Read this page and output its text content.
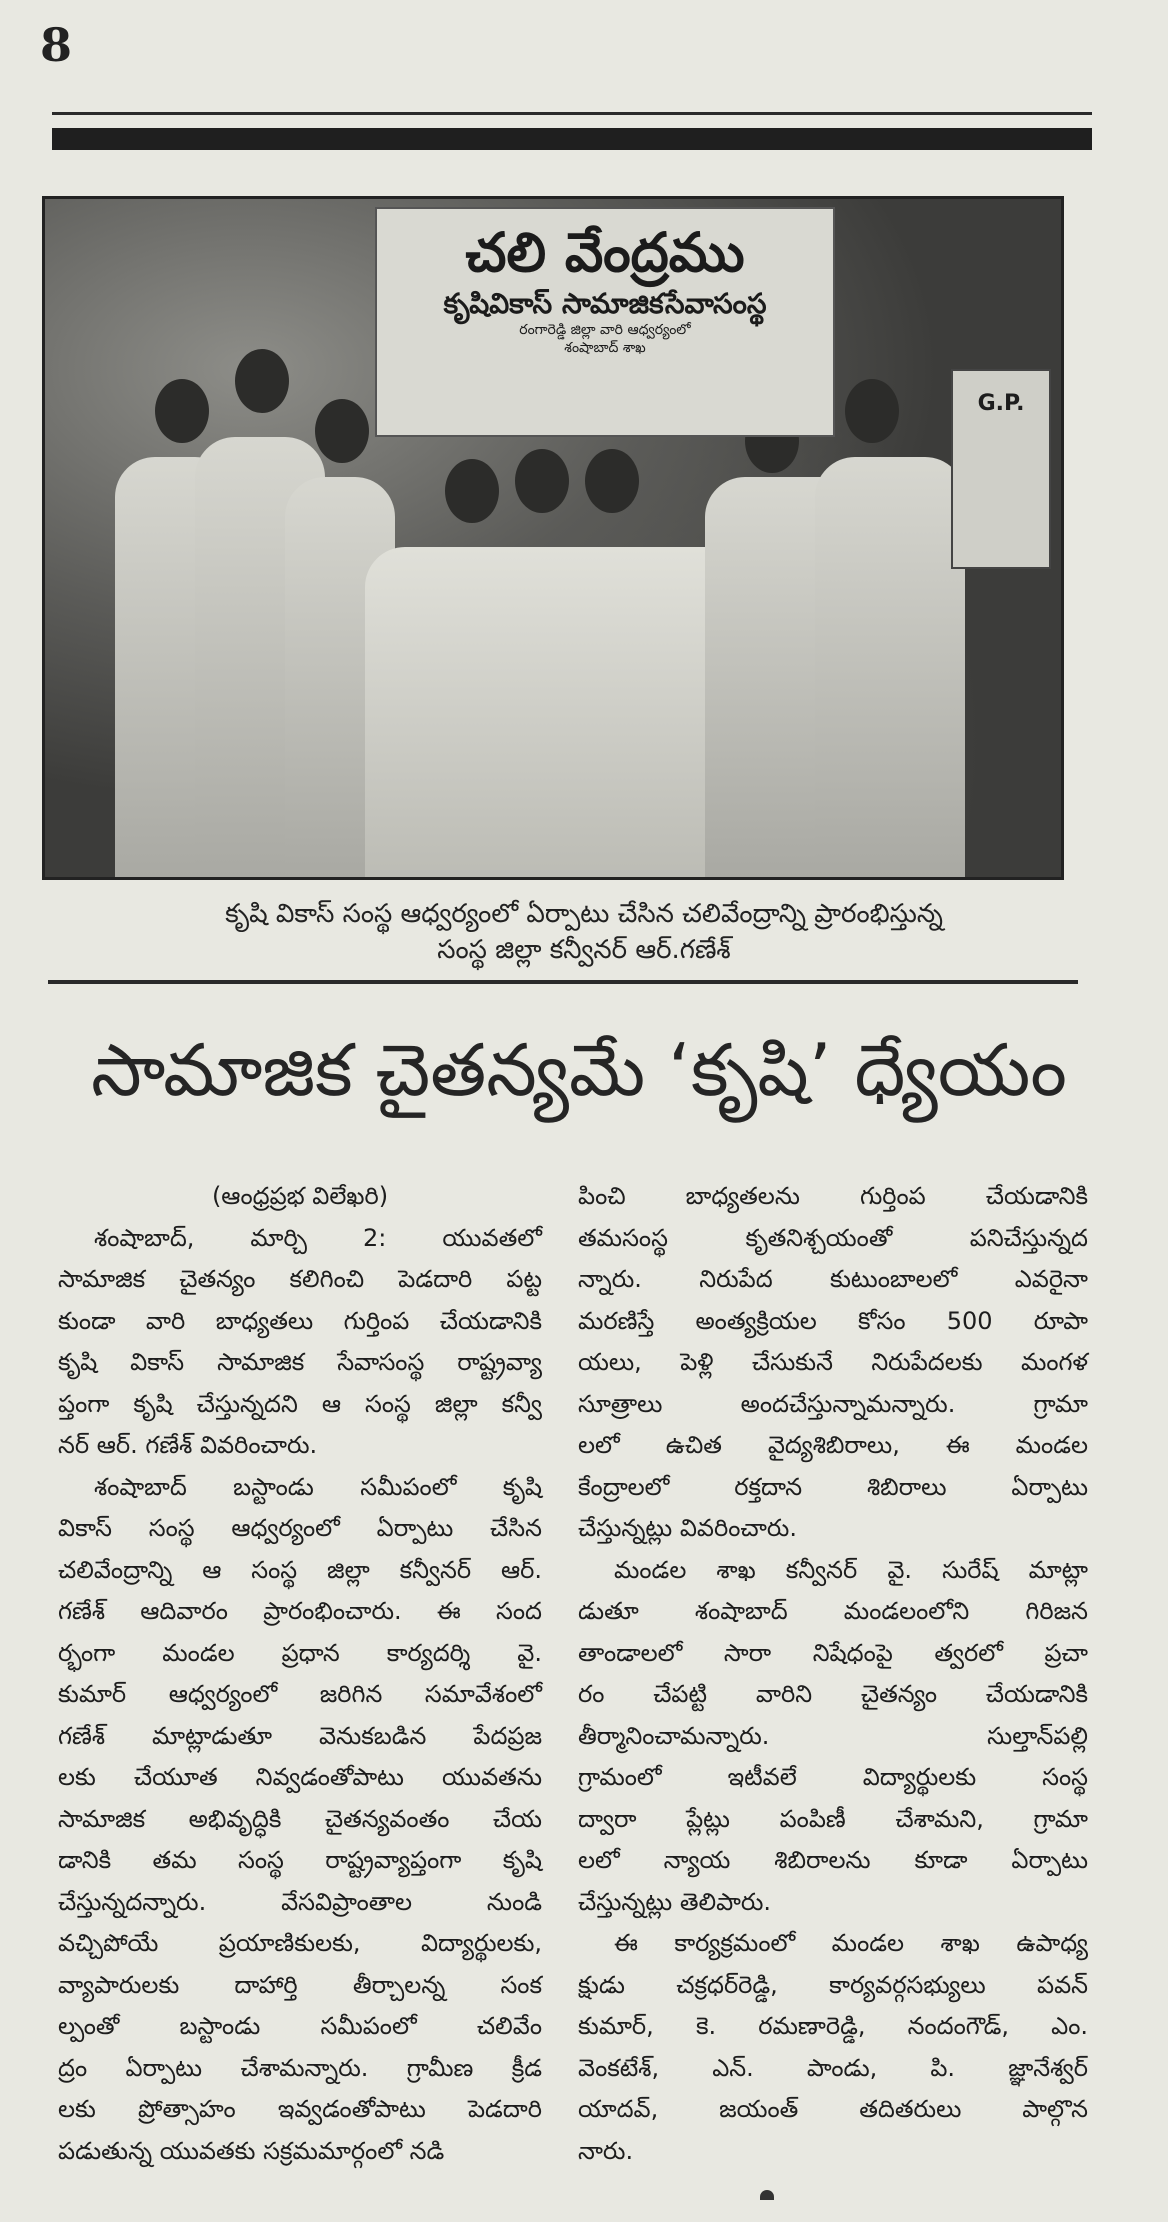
8
చలి వేంద్రము
కృషివికాస్ సామాజికసేవాసంస్థ
రంగారెడ్డి జిల్లా వారి ఆధ్వర్యంలో
శంషాబాద్ శాఖ
G.P.
కృషి వికాస్ సంస్థ ఆధ్వర్యంలో ఏర్పాటు చేసిన చలివేంద్రాన్ని ప్రారంభిస్తున్న
సంస్థ జిల్లా కన్వీనర్ ఆర్.గణేశ్
సామాజిక చైతన్యమే ‘కృషి’ ధ్యేయం
(ఆంధ్రప్రభ విలేఖరి)
శంషాబాద్, మార్చి 2: యువతలో
సామాజిక చైతన్యం కలిగించి పెడదారి పట్ట
కుండా వారి బాధ్యతలు గుర్తింప చేయడానికి
కృషి వికాస్ సామాజిక సేవాసంస్థ రాష్ట్రవ్యా
ప్తంగా కృషి చేస్తున్నదని ఆ సంస్థ జిల్లా కన్వీ
నర్ ఆర్. గణేశ్ వివరించారు.
శంషాబాద్ బస్టాండు సమీపంలో కృషి
వికాస్ సంస్థ ఆధ్వర్యంలో ఏర్పాటు చేసిన
చలివేంద్రాన్ని ఆ సంస్థ జిల్లా కన్వీనర్ ఆర్.
గణేశ్ ఆదివారం ప్రారంభించారు. ఈ సంద
ర్భంగా మండల ప్రధాన కార్యదర్శి వై.
కుమార్ ఆధ్వర్యంలో జరిగిన సమావేశంలో
గణేశ్ మాట్లాడుతూ వెనుకబడిన పేదప్రజ
లకు చేయూత నివ్వడంతోపాటు యువతను
సామాజిక అభివృద్ధికి చైతన్యవంతం చేయ
డానికి తమ సంస్థ రాష్ట్రవ్యాప్తంగా కృషి
చేస్తున్నదన్నారు. వేసవిప్రాంతాల నుండి
వచ్చిపోయే ప్రయాణికులకు, విద్యార్థులకు,
వ్యాపారులకు దాహార్తి తీర్చాలన్న సంక
ల్పంతో బస్టాండు సమీపంలో చలివేం
ద్రం ఏర్పాటు చేశామన్నారు. గ్రామీణ క్రీడ
లకు ప్రోత్సాహం ఇవ్వడంతోపాటు పెడదారి
పడుతున్న యువతకు సక్రమమార్గంలో నడి
పించి బాధ్యతలను గుర్తింప చేయడానికి
తమసంస్థ కృతనిశ్చయంతో పనిచేస్తున్నద
న్నారు. నిరుపేద కుటుంబాలలో ఎవరైనా
మరణిస్తే అంత్యక్రియల కోసం 500 రూపా
యలు, పెళ్లి చేసుకునే నిరుపేదలకు మంగళ
సూత్రాలు అందచేస్తున్నామన్నారు. గ్రామా
లలో ఉచిత వైద్యశిబిరాలు, ఈ మండల
కేంద్రాలలో రక్తదాన శిబిరాలు ఏర్పాటు
చేస్తున్నట్లు వివరించారు.
మండల శాఖ కన్వీనర్ వై. సురేష్ మాట్లా
డుతూ శంషాబాద్ మండలంలోని గిరిజన
తాండాలలో సారా నిషేధంపై త్వరలో ప్రచా
రం చేపట్టి వారిని చైతన్యం చేయడానికి
తీర్మానించామన్నారు. సుల్తాన్‌పల్లి
గ్రామంలో ఇటీవలే విద్యార్థులకు సంస్థ
ద్వారా ప్లేట్లు పంపిణీ చేశామని, గ్రామా
లలో న్యాయ శిబిరాలను కూడా ఏర్పాటు
చేస్తున్నట్లు తెలిపారు.
ఈ కార్యక్రమంలో మండల శాఖ ఉపాధ్య
క్షుడు చక్రధర్‌రెడ్డి, కార్యవర్గసభ్యులు పవన్
కుమార్, కె. రమణారెడ్డి, నందంగౌడ్, ఎం.
వెంకటేశ్, ఎన్. పాండు, పి. జ్ఞానేశ్వర్
యాదవ్, జయంత్ తదితరులు పాల్గొన
నారు.
